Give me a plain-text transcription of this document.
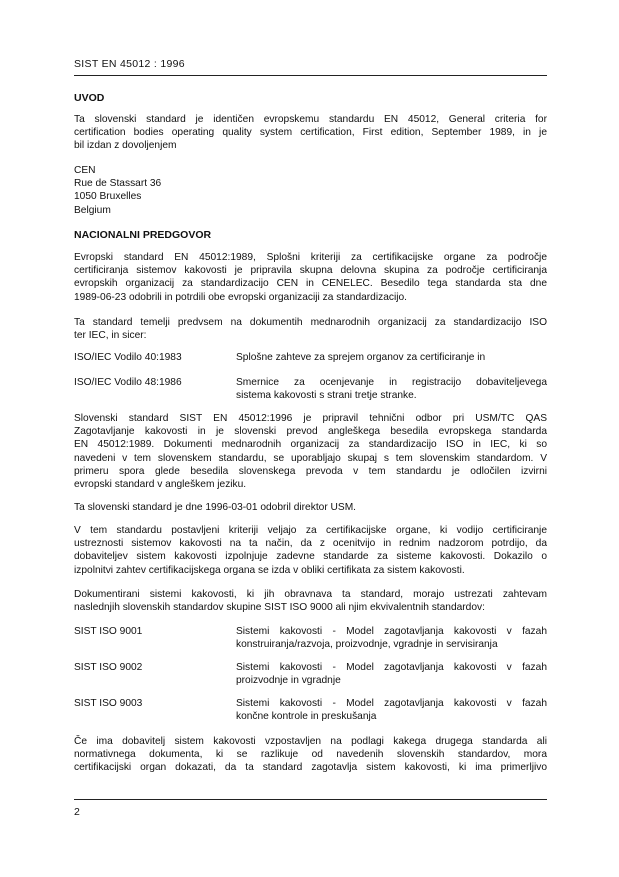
SIST EN 45012 : 1996
UVOD
Ta slovenski standard je identičen evropskemu standardu EN 45012, General criteria for
certification bodies operating quality system certification, First edition, September 1989, in je
bil izdan z dovoljenjem
CEN
Rue de Stassart 36
1050 Bruxelles
Belgium
NACIONALNI PREDGOVOR
Evropski standard EN 45012:1989, Splošni kriteriji za certifikacijske organe za področje
certificiranja sistemov kakovosti je pripravila skupna delovna skupina za področje certificiranja
evropskih organizacij za standardizacijo CEN in CENELEC. Besedilo tega standarda sta dne
1989-06-23 odobrili in potrdili obe evropski organizaciji za standardizacijo.
Ta standard temelji predvsem na dokumentih mednarodnih organizacij za standardizacijo ISO
ter IEC, in sicer:
ISO/IEC Vodilo 40:1983	Splošne zahteve za sprejem organov za certificiranje in
ISO/IEC Vodilo 48:1986	Smernice za ocenjevanje in registracijo dobaviteljevega
sistema kakovosti s strani tretje stranke.
Slovenski standard SIST EN 45012:1996 je pripravil tehnični odbor pri USM/TC QAS
Zagotavljanje kakovosti in je slovenski prevod angleškega besedila evropskega standarda
EN 45012:1989. Dokumenti mednarodnih organizacij za standardizacijo ISO in IEC, ki so
navedeni v tem slovenskem standardu, se uporabljajo skupaj s tem slovenskim standardom. V
primeru spora glede besedila slovenskega prevoda v tem standardu je odločilen izvirni
evropski standard v angleškem jeziku.
Ta slovenski standard je dne 1996-03-01 odobril direktor USM.
V tem standardu postavljeni kriteriji veljajo za certifikacijske organe, ki vodijo certificiranje
ustreznosti sistemov kakovosti na ta način, da z ocenitvijo in rednim nadzorom potrdijo, da
dobaviteljev sistem kakovosti izpolnjuje zadevne standarde za sisteme kakovosti. Dokazilo o
izpolnitvi zahtev certifikacijskega organa se izda v obliki certifikata za sistem kakovosti.
Dokumentirani sistemi kakovosti, ki jih obravnava ta standard, morajo ustrezati zahtevam
naslednjih slovenskih standardov skupine SIST ISO 9000 ali njim ekvivalentnih standardov:
SIST ISO 9001	Sistemi kakovosti - Model zagotavljanja kakovosti v fazah
konstruiranja/razvoja, proizvodnje, vgradnje in servisiranja
SIST ISO 9002	Sistemi kakovosti - Model zagotavljanja kakovosti v fazah
proizvodnje in vgradnje
SIST ISO 9003	Sistemi kakovosti - Model zagotavljanja kakovosti v fazah
končne kontrole in preskušanja
Če ima dobavitelj sistem kakovosti vzpostavljen na podlagi kakega drugega standarda ali
normativnega dokumenta, ki se razlikuje od navedenih slovenskih standardov, mora
certifikacijski organ dokazati, da ta standard zagotavlja sistem kakovosti, ki ima primerljivo
2
